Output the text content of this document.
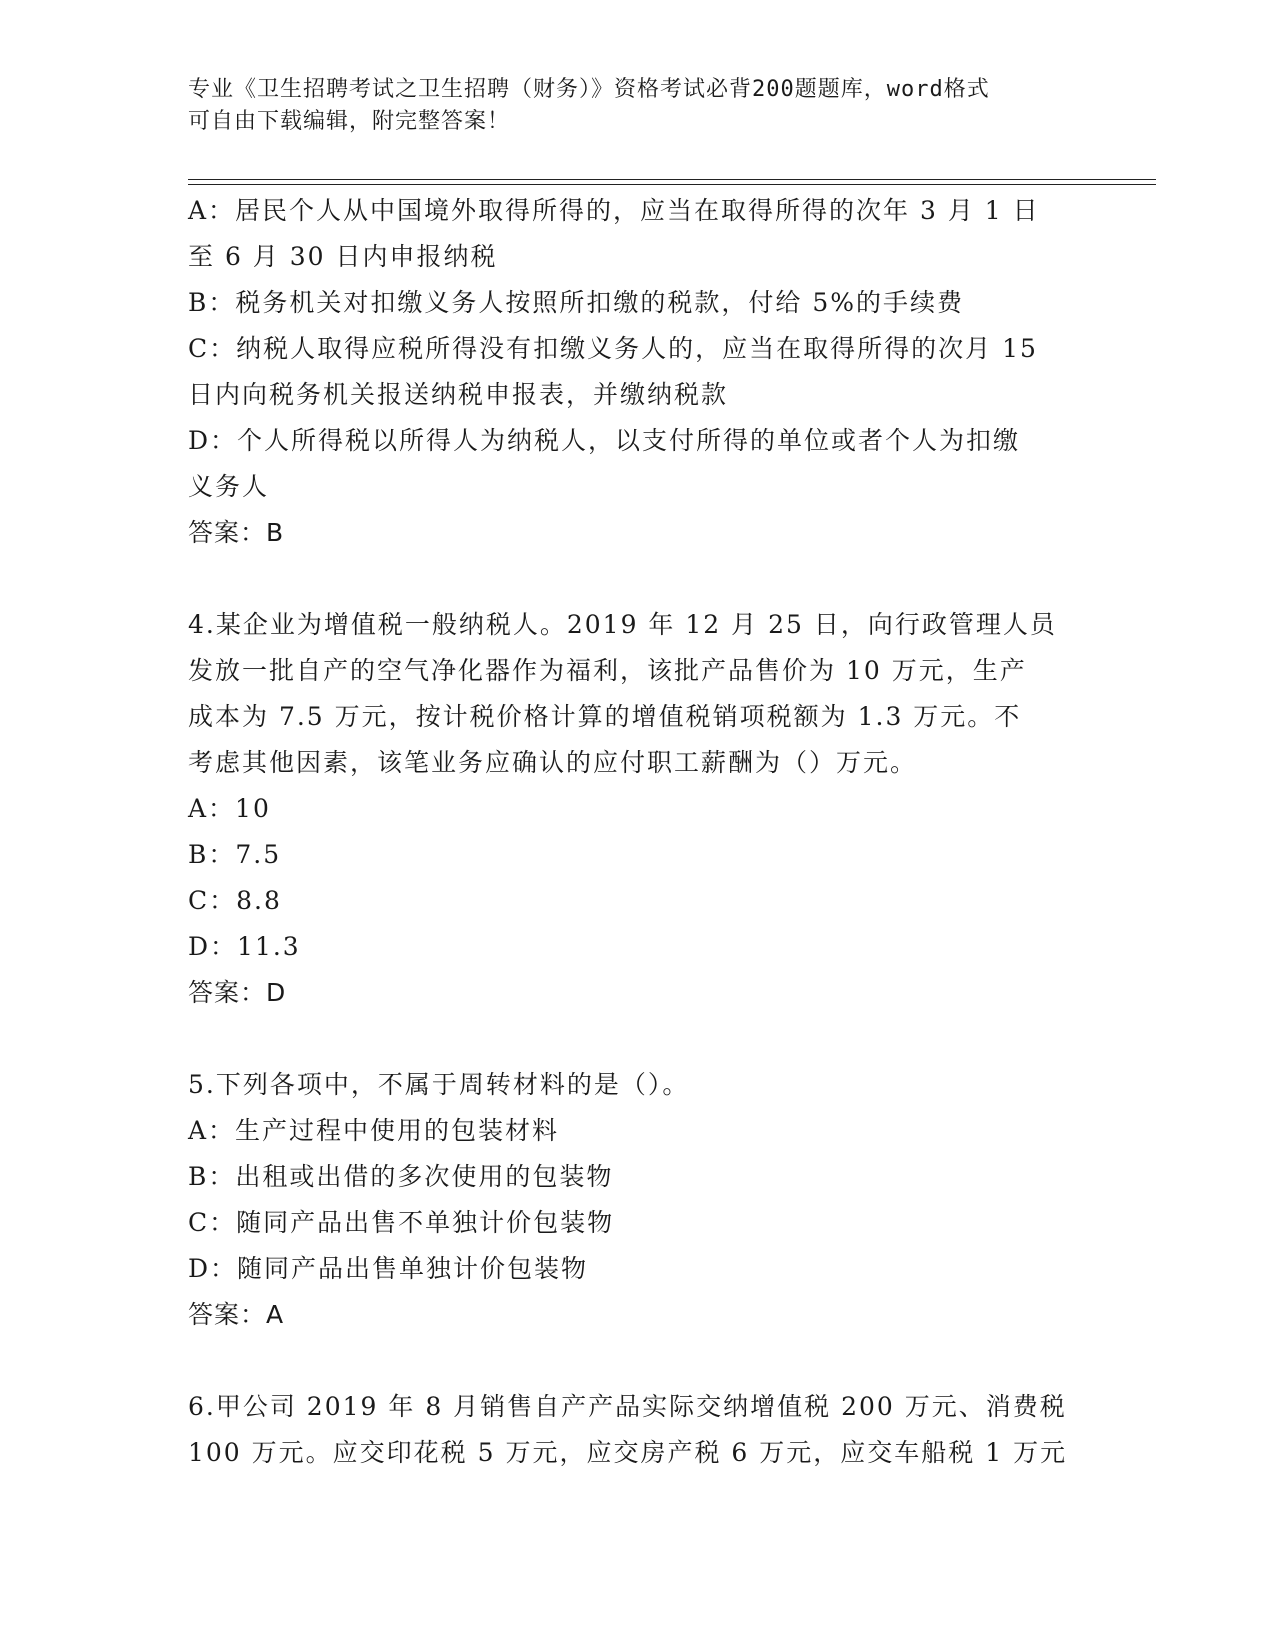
专业《卫生招聘考试之卫生招聘（财务）》资格考试必背200题题库，word格式
可自由下载编辑，附完整答案！
A：居民个人从中国境外取得所得的，应当在取得所得的次年 3 月 1 日
至 6 月 30 日内申报纳税
B：税务机关对扣缴义务人按照所扣缴的税款，付给 5%的手续费
C：纳税人取得应税所得没有扣缴义务人的，应当在取得所得的次月 15
日内向税务机关报送纳税申报表，并缴纳税款
D：个人所得税以所得人为纳税人，以支付所得的单位或者个人为扣缴
义务人
答案：B
4.某企业为增值税一般纳税人。2019 年 12 月 25 日，向行政管理人员
发放一批自产的空气净化器作为福利，该批产品售价为 10 万元，生产
成本为 7.5 万元，按计税价格计算的增值税销项税额为 1.3 万元。不
考虑其他因素，该笔业务应确认的应付职工薪酬为（）万元。
A：10
B：7.5
C：8.8
D：11.3
答案：D
5.下列各项中，不属于周转材料的是（）。
A：生产过程中使用的包装材料
B：出租或出借的多次使用的包装物
C：随同产品出售不单独计价包装物
D：随同产品出售单独计价包装物
答案：A
6.甲公司 2019 年 8 月销售自产产品实际交纳增值税 200 万元、消费税
100 万元。应交印花税 5 万元，应交房产税 6 万元，应交车船税 1 万元
